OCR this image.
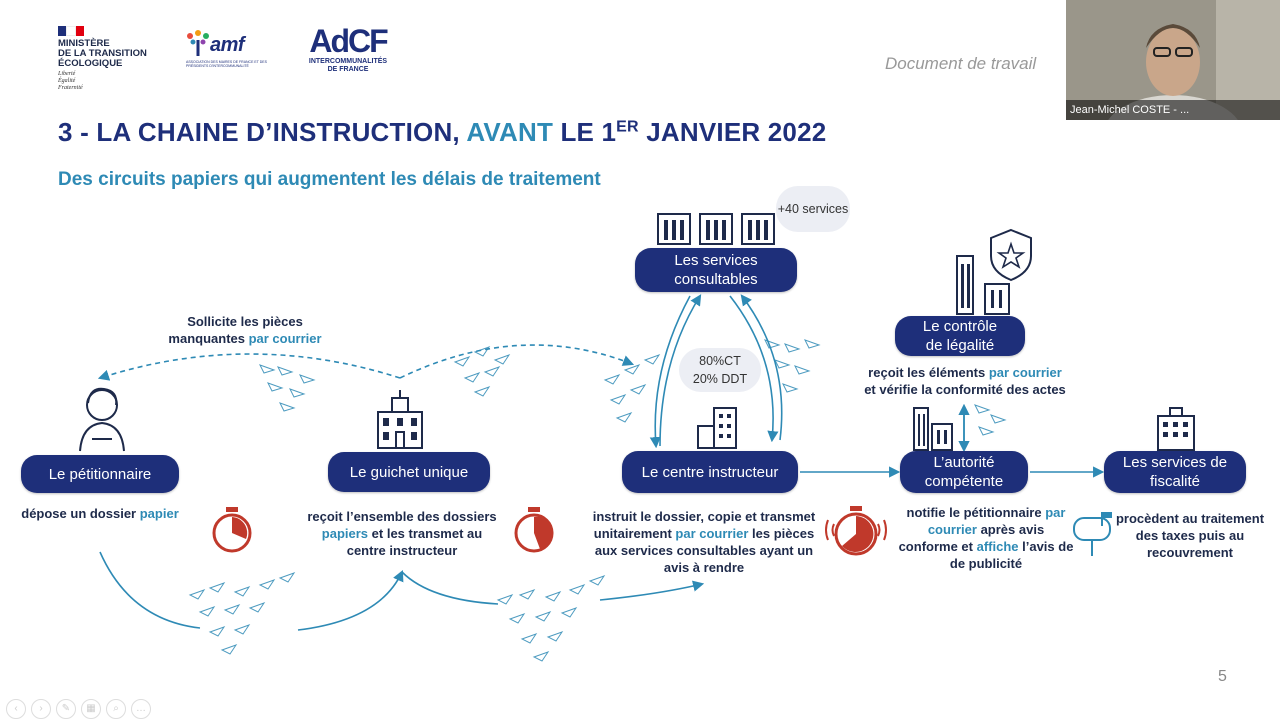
MINISTÈRE
DE LA TRANSITION
ÉCOLOGIQUE
Liberté
Égalité
Fraternité
amf
ASSOCIATION DES MAIRES DE FRANCE ET DES PRÉSIDENTS D'INTERCOMMUNALITÉ
AdCF
INTERCOMMUNALITÉS
DE FRANCE	Document de travail
Jean-Michel COSTE - ...
3 - LA CHAINE D’INSTRUCTION, AVANT LE 1ER JANVIER 2022
Des circuits papiers qui augmentent les délais de traitement
Le pétitionnaire	Le guichet unique
Les services consultables
Le centre instructeur
Le contrôle de légalité
L’autorité compétente
Les services de fiscalité
+40 services
80%CT
20% DDT
Sollicite les pièces
manquantes par courrier
dépose un dossier papier	reçoit l’ensemble des dossiers
papiers et les transmet au
centre instructeur
instruit le dossier, copie et transmet
unitairement par courrier les pièces
aux services consultables ayant un
avis à rendre
reçoit les éléments par courrier
et vérifie la conformité des actes
notifie le pétitionnaire par
courrier après avis
conforme et affiche l’avis de
de publicité
procèdent au traitement
des taxes puis au
recouvrement
5
‹	›	✎	▦	⌕	…
